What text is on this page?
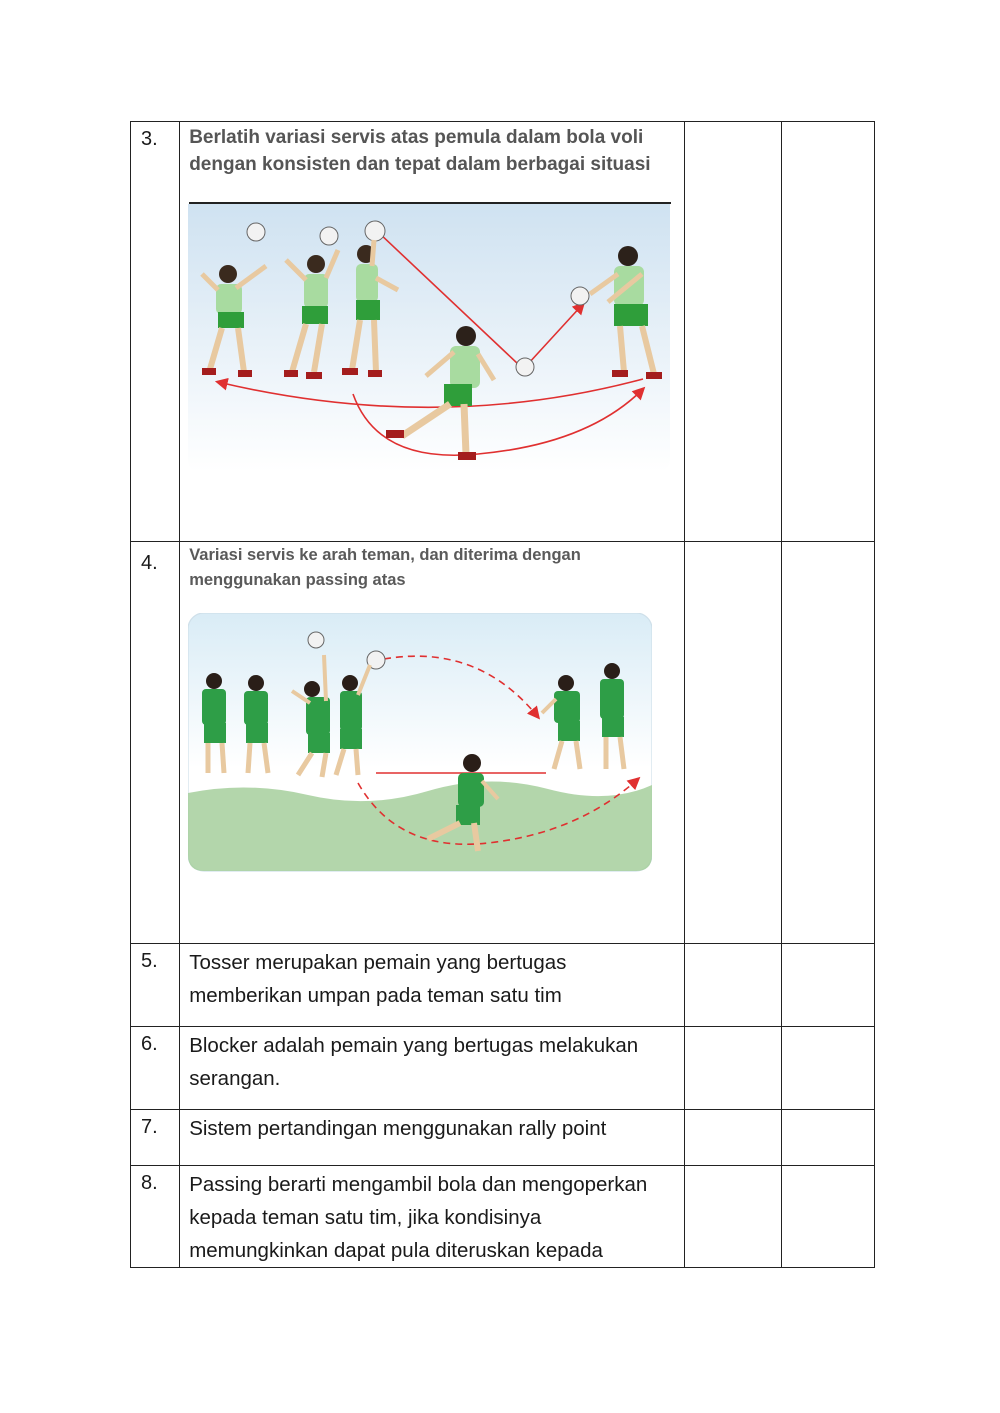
3.	Berlatih variasi servis atas pemula dalam bola voli dengan konsisten dan tepat dalam berbagai situasi		

4.	Variasi servis ke arah teman, dan diterima dengan menggunakan passing atas		

5.	Tosser merupakan pemain yang bertugas memberikan umpan pada teman satu tim		
6.	Blocker adalah pemain yang bertugas melakukan serangan.		
7.	Sistem pertandingan menggunakan rally point		
8.	Passing berarti mengambil bola dan mengoperkan kepada teman satu tim, jika kondisinya memungkinkan dapat pula diteruskan kepada		
